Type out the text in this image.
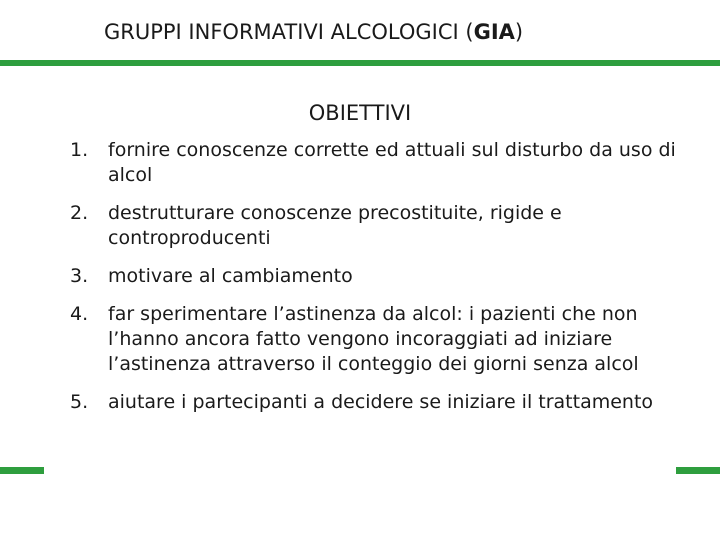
GRUPPI INFORMATIVI ALCOLOGICI (GIA)
OBIETTIVI
1.	fornire conoscenze corrette ed attuali sul disturbo da uso di alcol
2.	destrutturare conoscenze precostituite, rigide e controproducenti
3.	motivare al cambiamento
4.	far sperimentare l’astinenza da alcol: i pazienti che non l’hanno ancora fatto vengono incoraggiati ad iniziare l’astinenza attraverso il conteggio dei giorni senza alcol
5.	aiutare i partecipanti a decidere se iniziare il trattamento
